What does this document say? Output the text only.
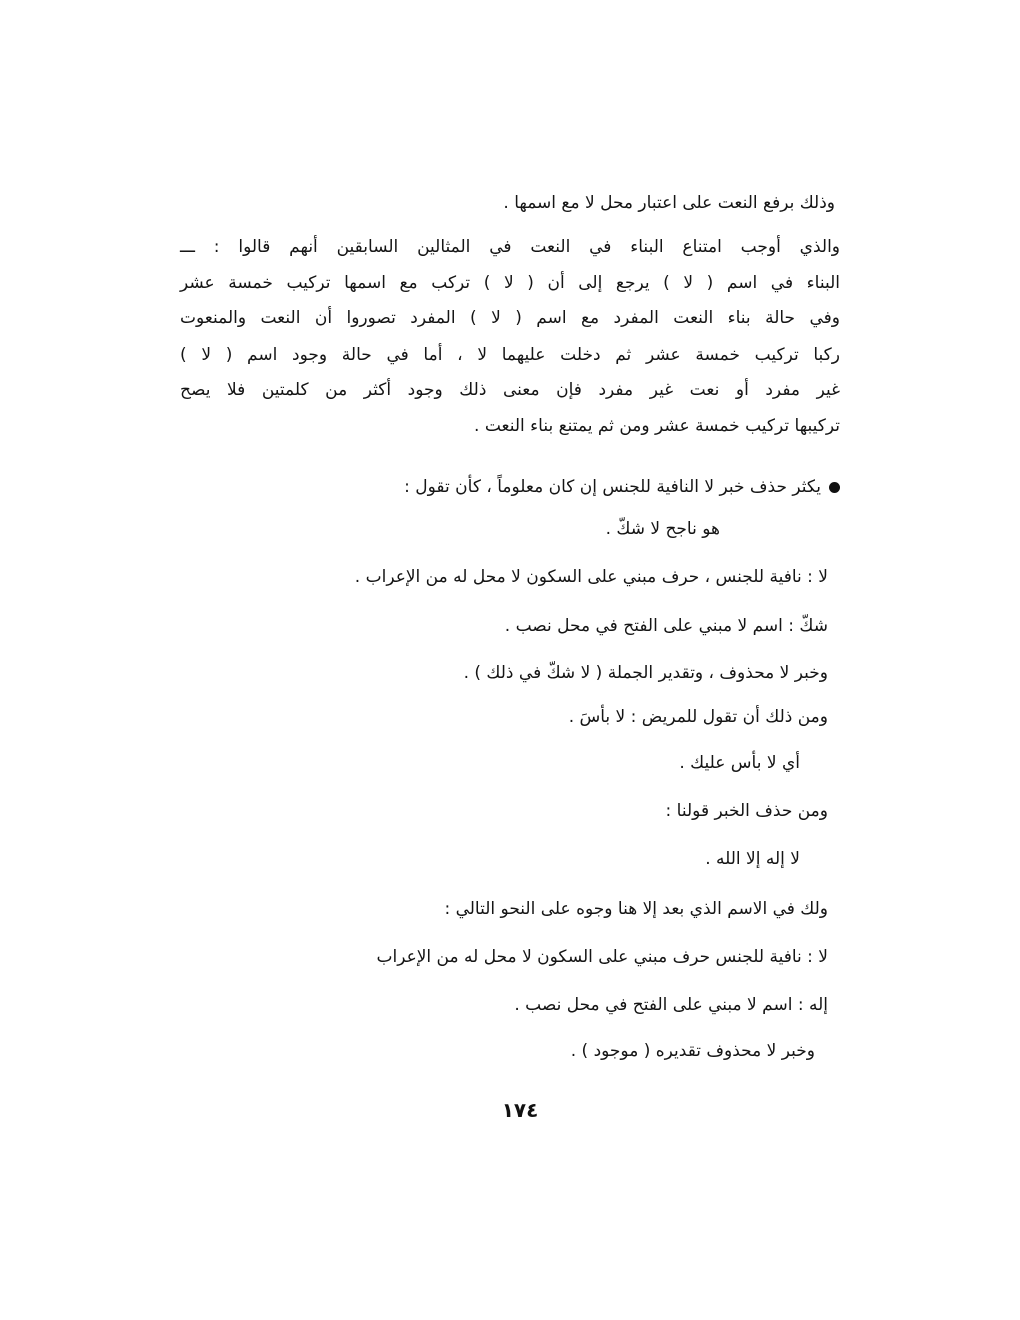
وذلك برفع النعت على اعتبار محل لا مع اسمها .
والذي أوجب امتناع البناء في النعت في المثالين السابقين أنهم قالوا : ـــ
البناء في اسم ( لا ) يرجع إلى أن ( لا ) تركب مع اسمها تركيب خمسة عشر
وفي حالة بناء النعت المفرد مع اسم ( لا ) المفرد تصوروا أن النعت والمنعوت
ركبا تركيب خمسة عشر ثم دخلت عليهما لا ، أما في حالة وجود اسم ( لا )
غير مفرد أو نعت غير مفرد فإن معنى ذلك وجود أكثر من كلمتين فلا يصح
تركيبها تركيب خمسة عشر ومن ثم يمتنع بناء النعت .
يكثر حذف خبر لا النافية للجنس إن كان معلوماً ، كأن تقول :
هو ناجح لا شكّ .
لا : نافية للجنس ، حرف مبني على السكون لا محل له من الإعراب .
شكّ : اسم لا مبني على الفتح في محل نصب .
وخبر لا محذوف ، وتقدير الجملة ( لا شكّ في ذلك ) .
ومن ذلك أن تقول للمريض : لا بأسَ .
أي لا بأس عليك .
ومن حذف الخبر قولنا :
لا إله إلا الله .
ولك في الاسم الذي بعد إلا هنا وجوه على النحو التالي :
لا : نافية للجنس حرف مبني على السكون لا محل له من الإعراب
إله : اسم لا مبني على الفتح في محل نصب .
وخبر لا محذوف تقديره ( موجود ) .
١٧٤
